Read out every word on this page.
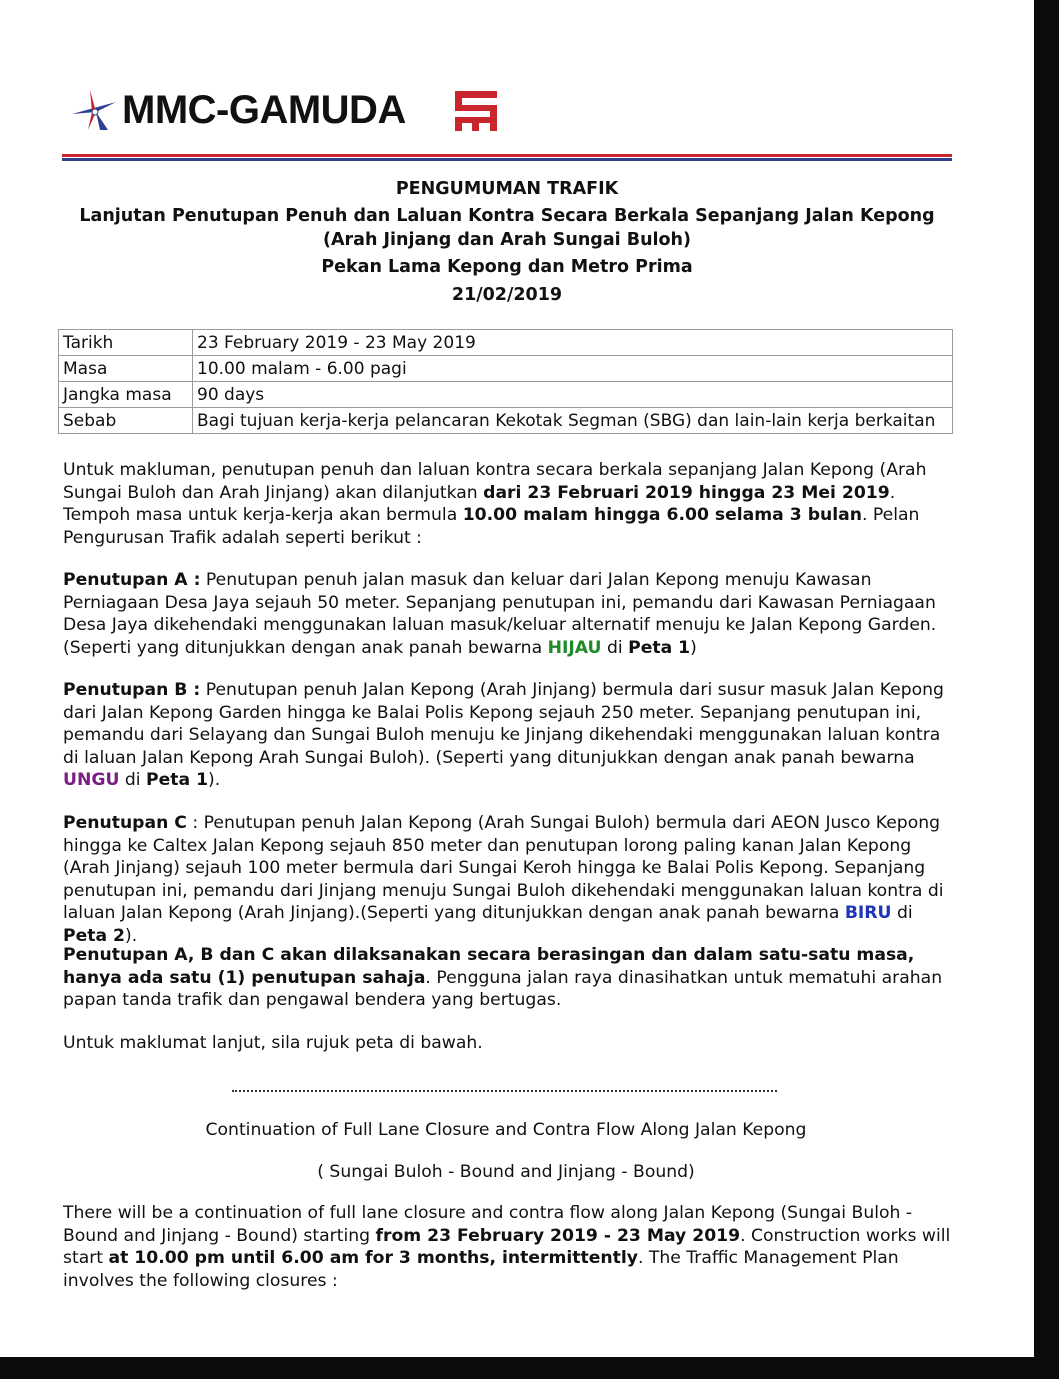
MMC-GAMUDA
PENGUMUMAN TRAFIK
Lanjutan Penutupan Penuh dan Laluan Kontra Secara Berkala Sepanjang Jalan Kepong (Arah Jinjang dan Arah Sungai Buloh)
Pekan Lama Kepong dan Metro Prima
21/02/2019
Tarikh	23 February 2019 - 23 May 2019
Masa	10.00 malam - 6.00 pagi
Jangka masa	90 days
Sebab	Bagi tujuan kerja-kerja pelancaran Kekotak Segman (SBG) dan lain-lain kerja berkaitan
Untuk makluman, penutupan penuh dan laluan kontra secara berkala sepanjang Jalan Kepong (Arah Sungai Buloh dan Arah Jinjang) akan dilanjutkan dari 23 Februari 2019 hingga 23 Mei 2019. Tempoh masa untuk kerja-kerja akan bermula 10.00 malam hingga 6.00 selama 3 bulan. Pelan Pengurusan Trafik adalah seperti berikut :
Penutupan A : Penutupan penuh jalan masuk dan keluar dari Jalan Kepong menuju Kawasan Perniagaan Desa Jaya sejauh 50 meter. Sepanjang penutupan ini, pemandu dari Kawasan Perniagaan Desa Jaya dikehendaki menggunakan laluan masuk/keluar alternatif menuju ke Jalan Kepong Garden. (Seperti yang ditunjukkan dengan anak panah bewarna HIJAU di Peta 1)
Penutupan B : Penutupan penuh Jalan Kepong (Arah Jinjang) bermula dari susur masuk Jalan Kepong dari Jalan Kepong Garden hingga ke Balai Polis Kepong sejauh 250 meter. Sepanjang penutupan ini, pemandu dari Selayang dan Sungai Buloh menuju ke Jinjang dikehendaki menggunakan laluan kontra di laluan Jalan Kepong Arah Sungai Buloh). (Seperti yang ditunjukkan dengan anak panah bewarna UNGU di Peta 1).
Penutupan C : Penutupan penuh Jalan Kepong (Arah Sungai Buloh) bermula dari AEON Jusco Kepong hingga ke Caltex Jalan Kepong sejauh 850 meter dan penutupan lorong paling kanan Jalan Kepong (Arah Jinjang) sejauh 100 meter bermula dari Sungai Keroh hingga ke Balai Polis Kepong. Sepanjang penutupan ini, pemandu dari Jinjang menuju Sungai Buloh dikehendaki menggunakan laluan kontra di laluan Jalan Kepong (Arah Jinjang).(Seperti yang ditunjukkan dengan anak panah bewarna BIRU di Peta 2).
Penutupan A, B dan C akan dilaksanakan secara berasingan dan dalam satu-satu masa, hanya ada satu (1) penutupan sahaja. Pengguna jalan raya dinasihatkan untuk mematuhi arahan papan tanda trafik dan pengawal bendera yang bertugas.
Untuk maklumat lanjut, sila rujuk peta di bawah.
Continuation of Full Lane Closure and Contra Flow Along Jalan Kepong
( Sungai Buloh - Bound and Jinjang - Bound)
There will be a continuation of full lane closure and contra flow along Jalan Kepong (Sungai Buloh - Bound and Jinjang - Bound) starting from 23 February 2019 - 23 May 2019. Construction works will start at 10.00 pm until 6.00 am for 3 months, intermittently. The Traffic Management Plan involves the following closures :
